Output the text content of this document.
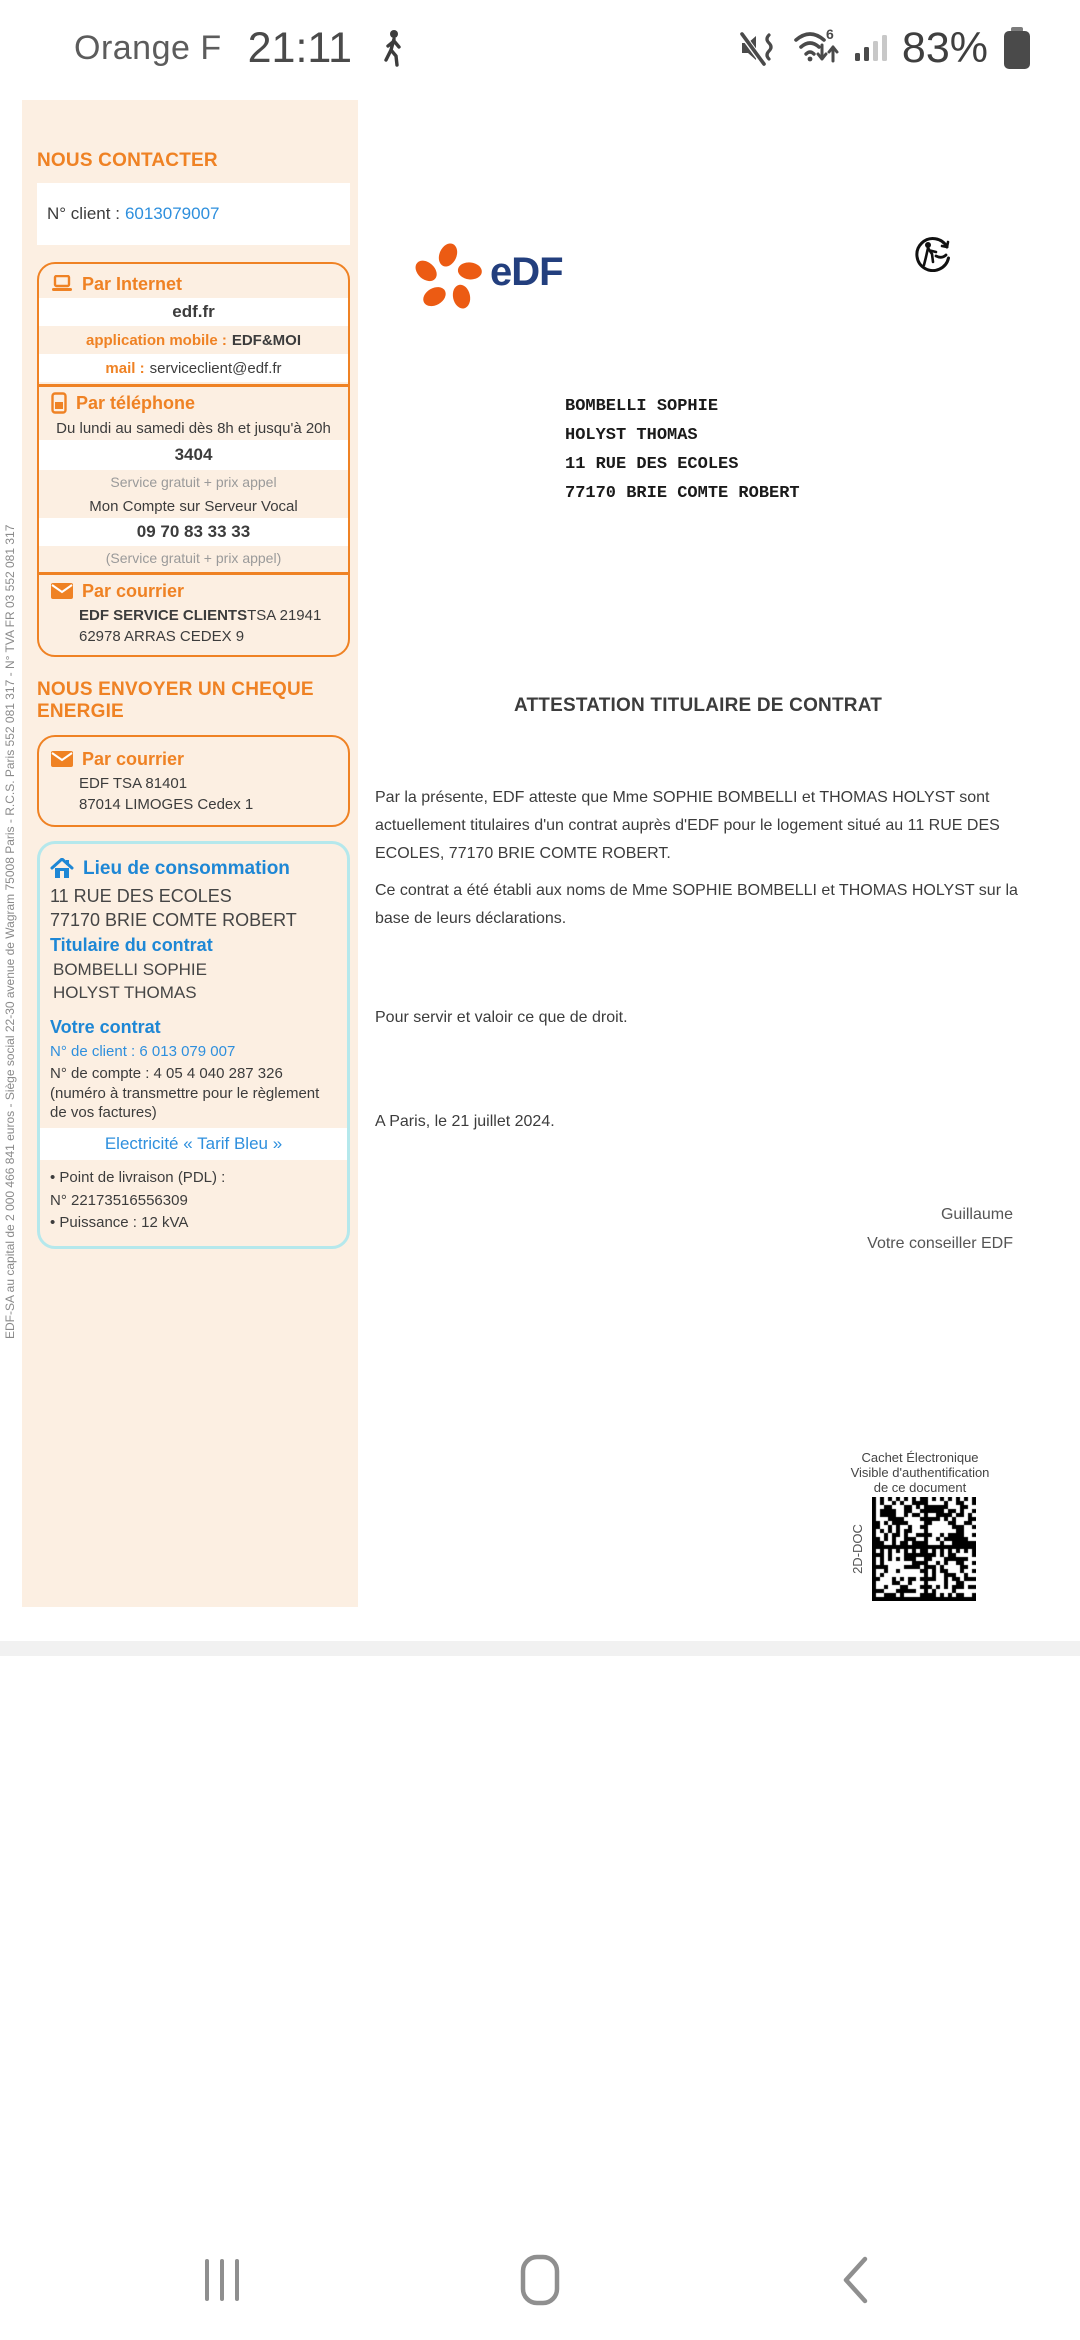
Orange F 21:11	6 83%
EDF-SA au capital de 2 000 466 841 euros - Siège social 22-30 avenue de Wagram 75008 Paris - R.C.S. Paris 552 081 317 - N° TVA FR 03 552 081 317
NOUS CONTACTER
N° client : 6013079007
Par Internet
edf.fr
application mobile : EDF&MOI
mail : serviceclient@edf.fr
Par téléphone
Du lundi au samedi dès 8h et jusqu'à 20h
3404
Service gratuit + prix appel
Mon Compte sur Serveur Vocal
09 70 83 33 33
(Service gratuit + prix appel)
Par courrier
EDF SERVICE CLIENTS TSA 21941
62978 ARRAS CEDEX 9
NOUS ENVOYER UN CHEQUE ENERGIE
Par courrier
EDF TSA 81401
87014 LIMOGES Cedex 1
Lieu de consommation
11 RUE DES ECOLES
77170 BRIE COMTE ROBERT
Titulaire du contrat
BOMBELLI SOPHIE
HOLYST THOMAS
Votre contrat
N° de client : 6 013 079 007
N° de compte : 4 05 4 040 287 326
(numéro à transmettre pour le règlement de vos factures)
Electricité « Tarif Bleu »
• Point de livraison (PDL) :
N° 22173516556309
• Puissance : 12 kVA
eDF
BOMBELLI SOPHIE
HOLYST THOMAS
11 RUE DES ECOLES
77170 BRIE COMTE ROBERT
ATTESTATION TITULAIRE DE CONTRAT
Par la présente, EDF atteste que Mme SOPHIE BOMBELLI et THOMAS HOLYST sont actuellement titulaires d'un contrat auprès d'EDF pour le logement situé au 11 RUE DES ECOLES, 77170 BRIE COMTE ROBERT.
Ce contrat a été établi aux noms de Mme SOPHIE BOMBELLI et THOMAS HOLYST sur la base de leurs déclarations.
Pour servir et valoir ce que de droit.
A Paris, le 21 juillet 2024.
Guillaume
Votre conseiller EDF
Cachet Électronique
Visible d'authentification
de ce document
2D-DOC
